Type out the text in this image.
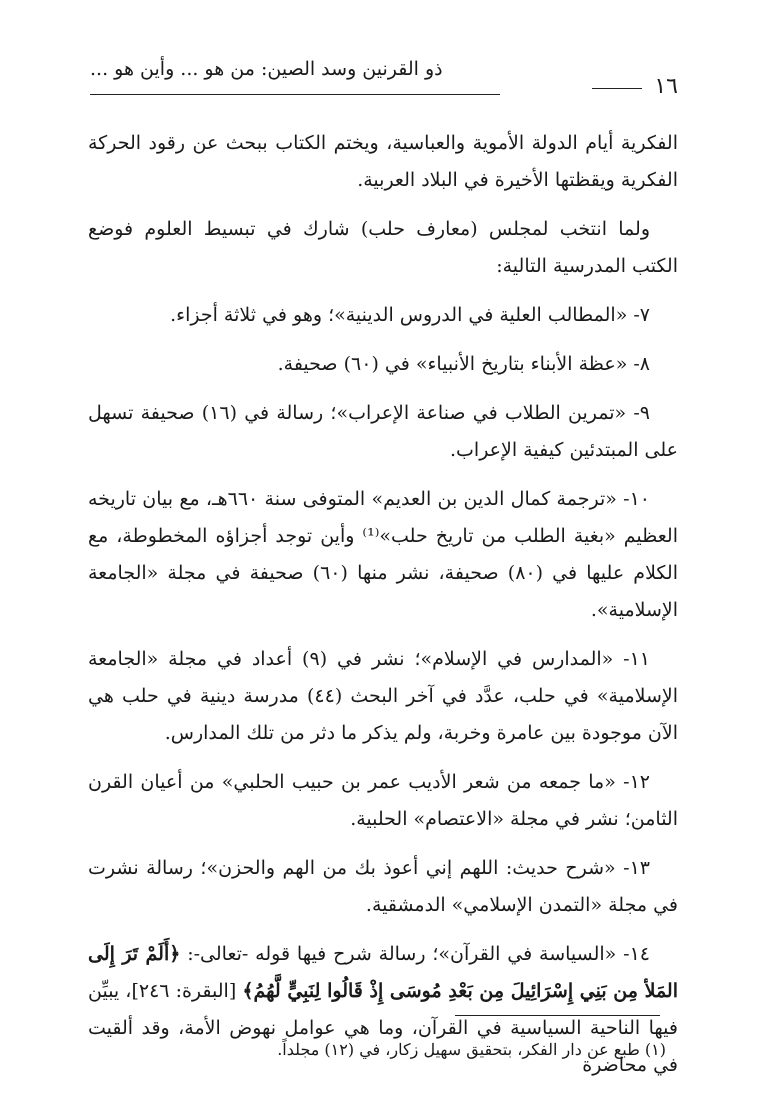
١٦
ذو القرنين وسد الصين: من هو ... وأين هو ...

الفكرية أيام الدولة الأموية والعباسية، ويختم الكتاب ببحث عن رقود الحركة الفكرية ويقظتها الأخيرة في البلاد العربية.

ولما انتخب لمجلس (معارف حلب) شارك في تبسيط العلوم فوضع الكتب المدرسية التالية:

٧- «المطالب العلية في الدروس الدينية»؛ وهو في ثلاثة أجزاء.

٨- «عظة الأبناء بتاريخ الأنبياء» في (٦٠) صحيفة.

٩- «تمرين الطلاب في صناعة الإعراب»؛ رسالة في (١٦) صحيفة تسهل على المبتدئين كيفية الإعراب.

١٠- «ترجمة كمال الدين بن العديم» المتوفى سنة ٦٦٠هـ، مع بيان تاريخه العظيم «بغية الطلب من تاريخ حلب»⁽¹⁾ وأين توجد أجزاؤه المخطوطة، مع الكلام عليها في (٨٠) صحيفة، نشر منها (٦٠) صحيفة في مجلة «الجامعة الإسلامية».

١١- «المدارس في الإسلام»؛ نشر في (٩) أعداد في مجلة «الجامعة الإسلامية» في حلب، عدَّد في آخر البحث (٤٤) مدرسة دينية في حلب هي الآن موجودة بين عامرة وخربة، ولم يذكر ما دثر من تلك المدارس.

١٢- «ما جمعه من شعر الأديب عمر بن حبيب الحلبي» من أعيان القرن الثامن؛ نشر في مجلة «الاعتصام» الحلبية.

١٣- «شرح حديث: اللهم إني أعوذ بك من الهم والحزن»؛ رسالة نشرت في مجلة «التمدن الإسلامي» الدمشقية.

١٤- «السياسة في القرآن»؛ رسالة شرح فيها قوله -تعالى-: ﴿أَلَمْ تَرَ إِلَى المَلأ مِن بَنِي إِسْرَائِيلَ مِن بَعْدِ مُوسَى إِذْ قَالُوا لِنَبِيٍّ لَّهُمُ﴾ [البقرة: ٢٤٦]، يبيِّن فيها الناحية السياسية في القرآن، وما هي عوامل نهوض الأمة، وقد ألقيت في محاضرة

(١) طبع عن دار الفكر، بتحقيق سهيل زكار، في (١٢) مجلداً.
